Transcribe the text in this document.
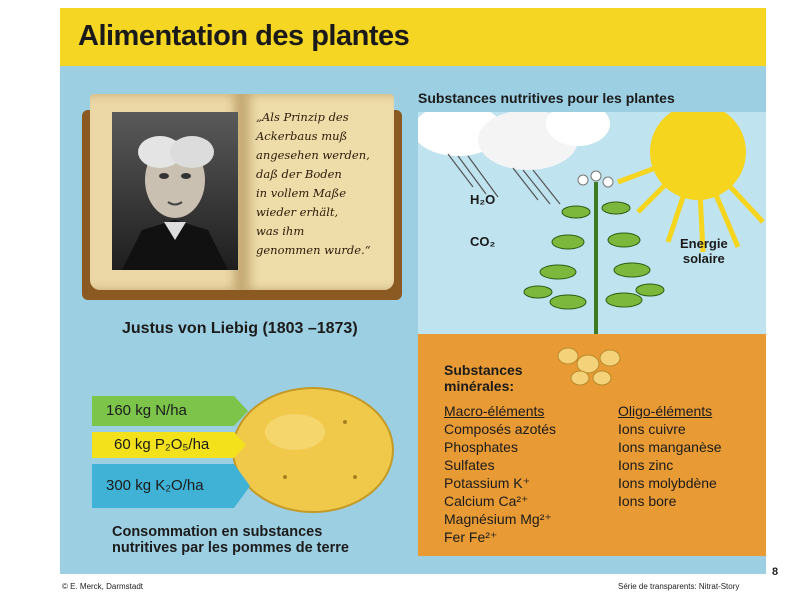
Alimentation des plantes
„Als Prinzip des
Ackerbaus muß
angesehen werden,
daß der Boden
in vollem Maße
wieder erhält,
was ihm
genommen wurde.“
Justus von Liebig (1803 –1873)
Substances nutritives pour les plantes
H₂O
CO₂	Energie
solaire
Substances
minérales:
Macro-éléments
Composés azotés
Phosphates
Sulfates
Potassium K⁺
Calcium Ca²⁺
Magnésium Mg²⁺
Fer Fe²⁺
Oligo-éléments
Ions cuivre
Ions manganèse
Ions zinc
Ions molybdène
Ions bore
160 kg N/ha
60 kg P₂O₅/ha
300 kg K₂O/ha
Consommation en substances
nutritives par les pommes de terre
© E. Merck, Darmstadt	Série de transparents: Nitrat-Story
8
